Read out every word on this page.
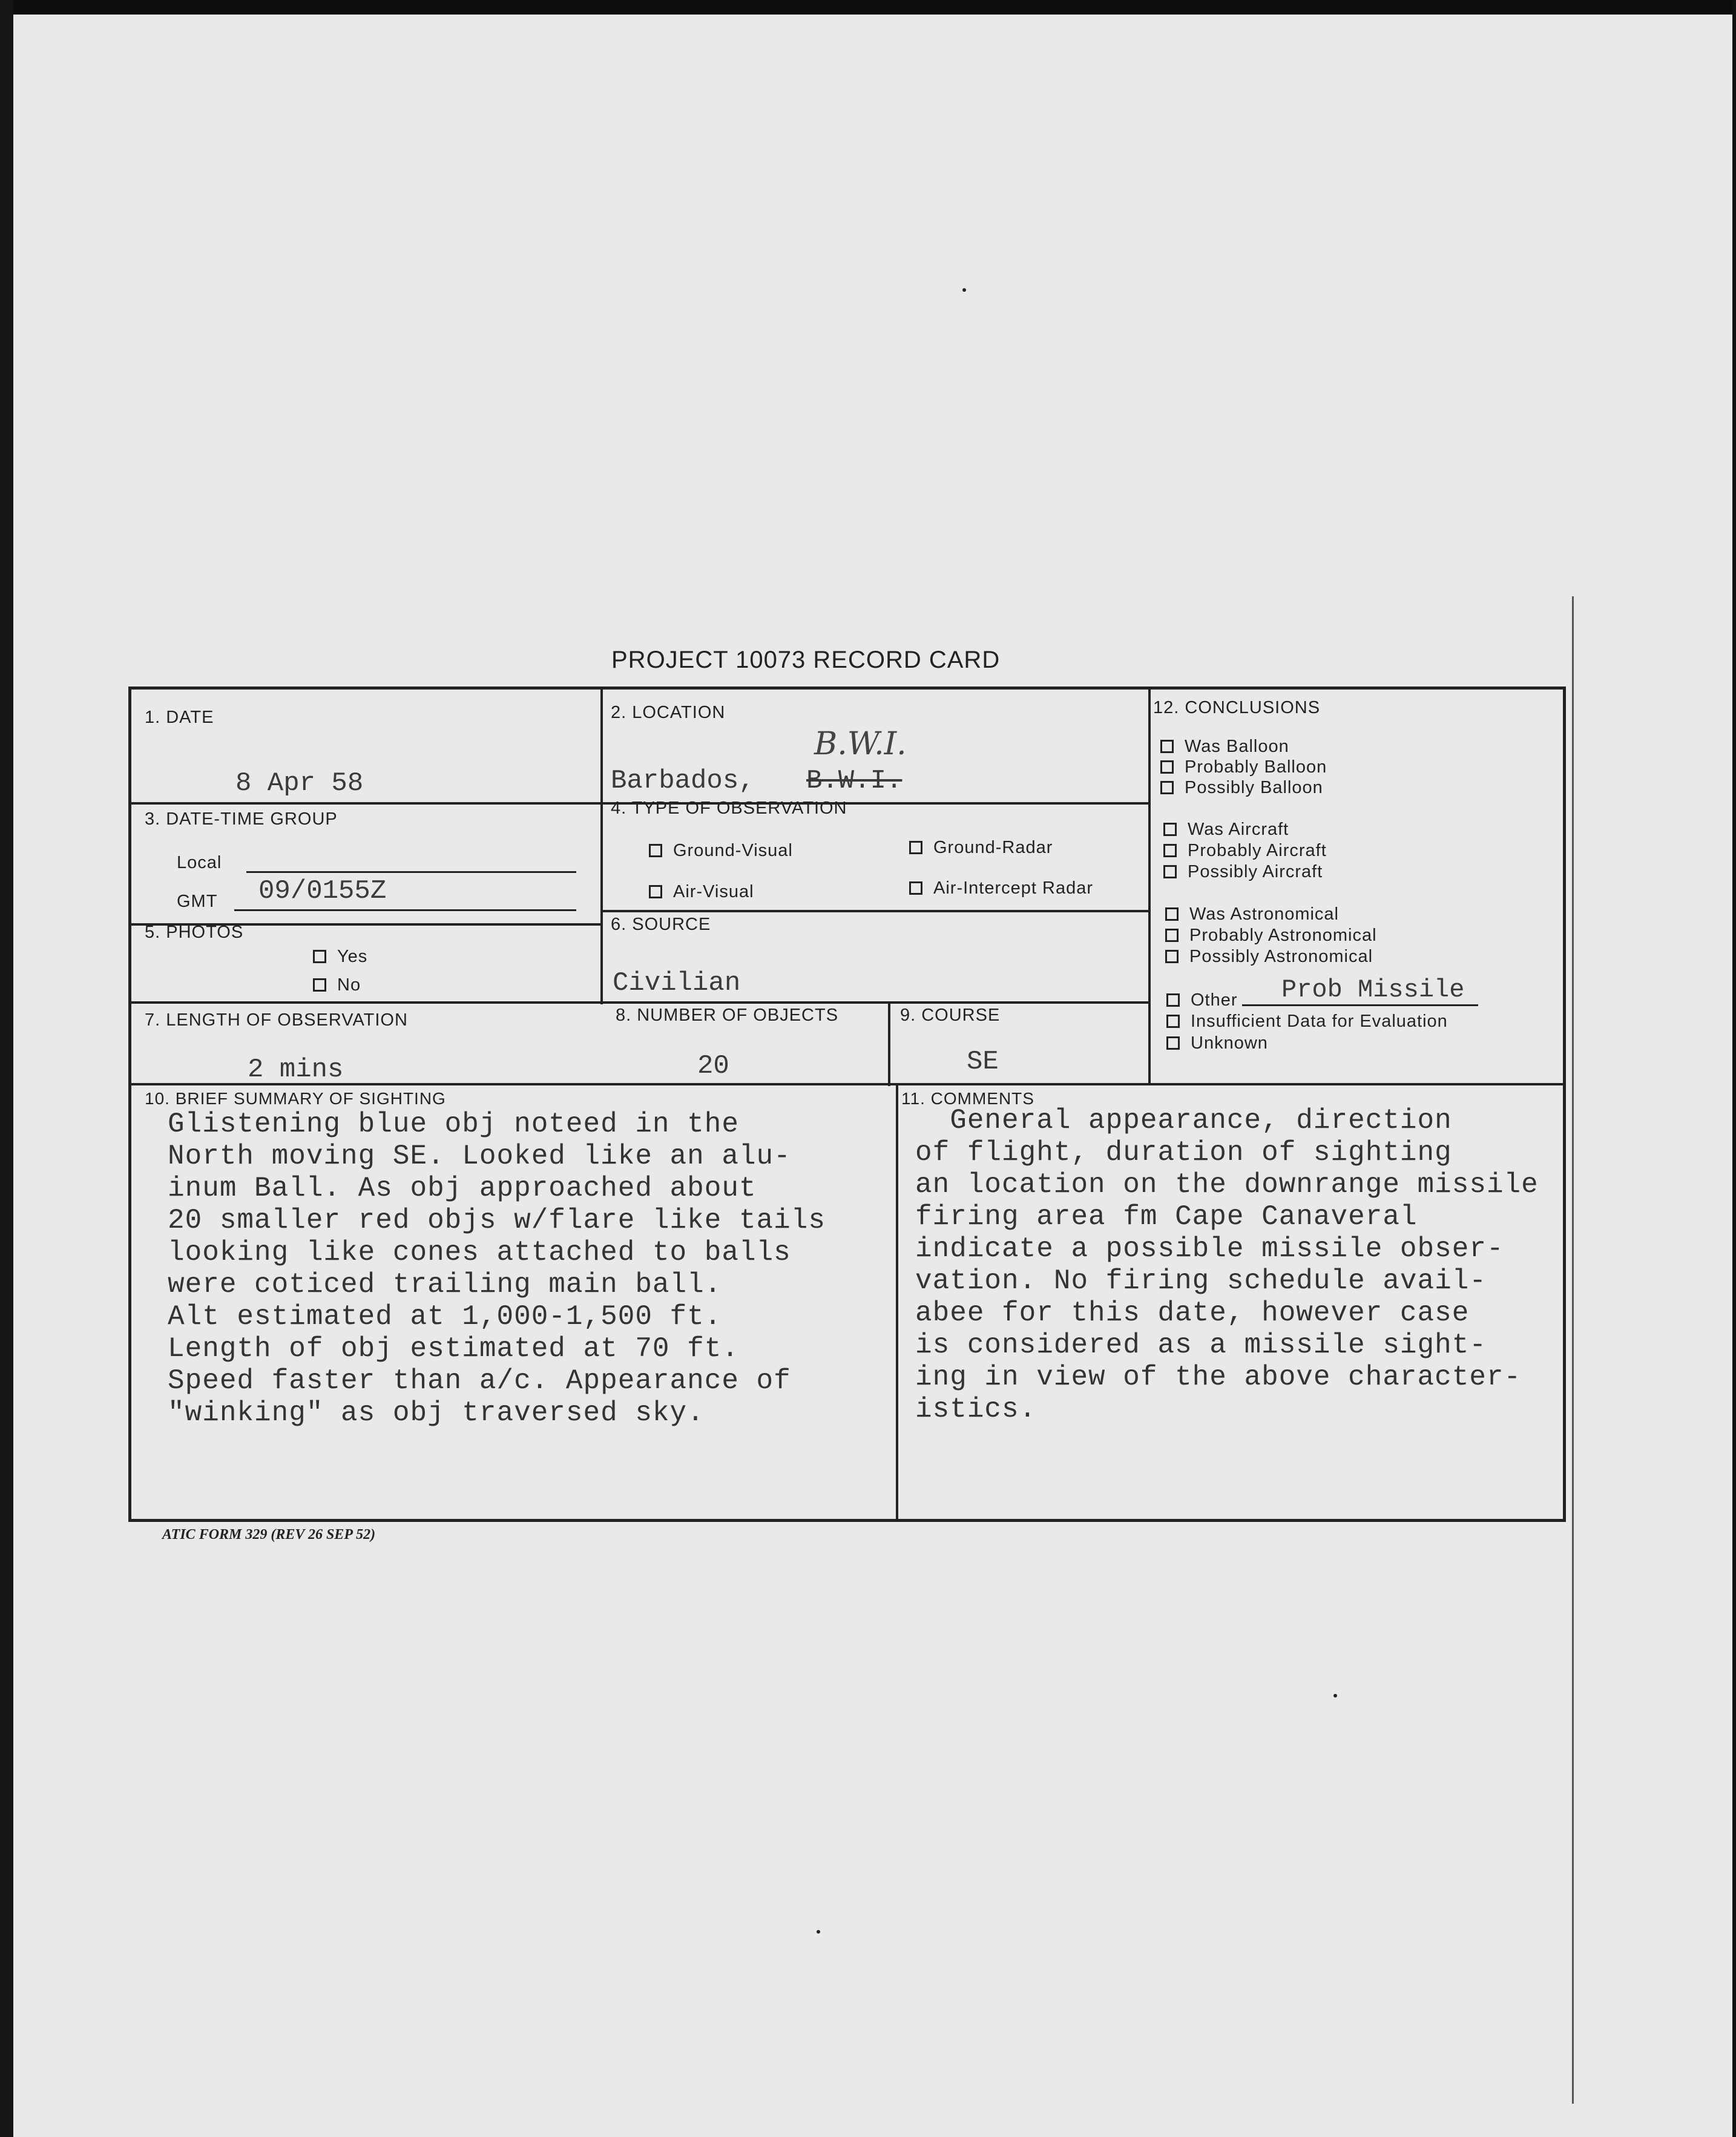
PROJECT 10073 RECORD CARD
1. DATE
8 Apr 58
2. LOCATION
B.W.I.
Barbados, B.W.I.
3. DATE-TIME GROUP
Local
GMT 09/0155Z
4. TYPE OF OBSERVATION
Ground-Visual	Ground-Radar
Air-Visual	Air-Intercept Radar
5. PHOTOS
Yes
No
6. SOURCE
Civilian
7. LENGTH OF OBSERVATION
2 mins
8. NUMBER OF OBJECTS
20
9. COURSE
SE
12. CONCLUSIONS
Was Balloon
Probably Balloon
Possibly Balloon
Was Aircraft
Probably Aircraft
Possibly Aircraft
Was Astronomical
Probably Astronomical
Possibly Astronomical
Other Prob Missile
Insufficient Data for Evaluation
Unknown
10. BRIEF SUMMARY OF SIGHTING
Glistening blue obj noteed in the
North moving SE. Looked like an alu-
inum Ball. As obj approached about
20 smaller red objs w/flare like tails
looking like cones attached to balls
were coticed trailing main ball.
Alt estimated at 1,000-1,500 ft.
Length of obj estimated at 70 ft.
Speed faster than a/c. Appearance of
"winking" as obj traversed sky.
11. COMMENTS
General appearance, direction
of flight, duration of sighting
an location on the downrange missile
firing area fm Cape Canaveral
indicate a possible missile obser-
vation. No firing schedule avail-
abee for this date, however case
is considered as a missile sight-
ing in view of the above character-
istics.
ATIC FORM 329 (REV 26 SEP 52)
